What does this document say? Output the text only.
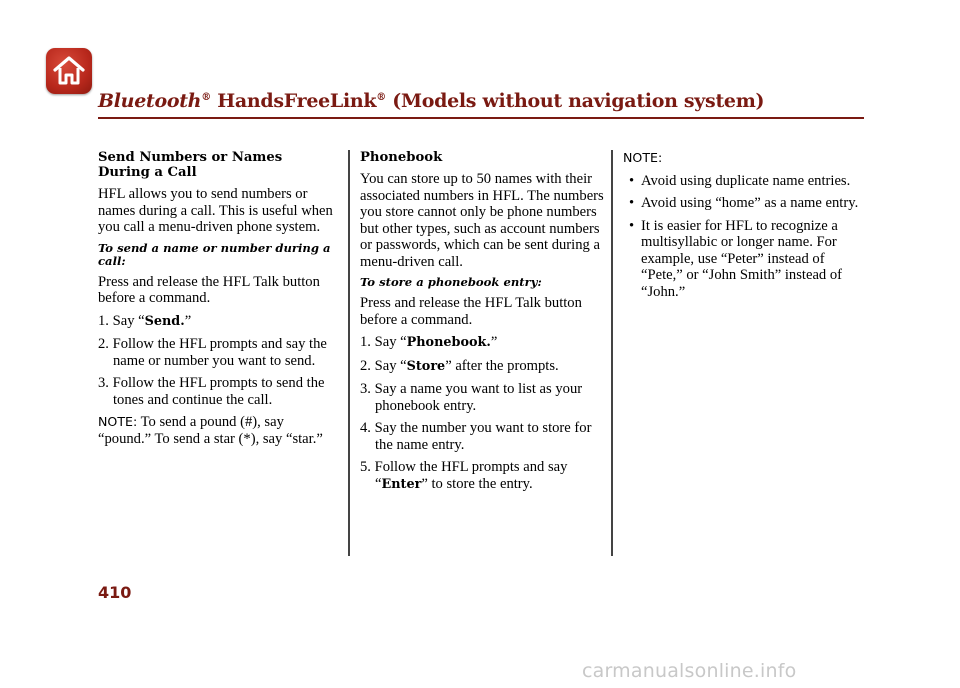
Bluetooth® HandsFreeLink® (Models without navigation system)

Send Numbers or Names During a Call

HFL allows you to send numbers or names during a call. This is useful when you call a menu-driven phone system.

To send a name or number during a call:

Press and release the HFL Talk button before a command.

1. Say “Send.”

2. Follow the HFL prompts and say the name or number you want to send.

3. Follow the HFL prompts to send the tones and continue the call.

NOTE: To send a pound (#), say “pound.” To send a star (*), say “star.”

Phonebook

You can store up to 50 names with their associated numbers in HFL. The numbers you store cannot only be phone numbers but other types, such as account numbers or passwords, which can be sent during a menu-driven call.

To store a phonebook entry:

Press and release the HFL Talk button before a command.

1. Say “Phonebook.”

2. Say “Store” after the prompts.

3. Say a name you want to list as your phonebook entry.

4. Say the number you want to store for the name entry.

5. Follow the HFL prompts and say “Enter” to store the entry.

NOTE:

• Avoid using duplicate name entries.

• Avoid using “home” as a name entry.

• It is easier for HFL to recognize a multisyllabic or longer name. For example, use “Peter” instead of “Pete,” or “John Smith” instead of “John.”

410
carmanualsonline.info
